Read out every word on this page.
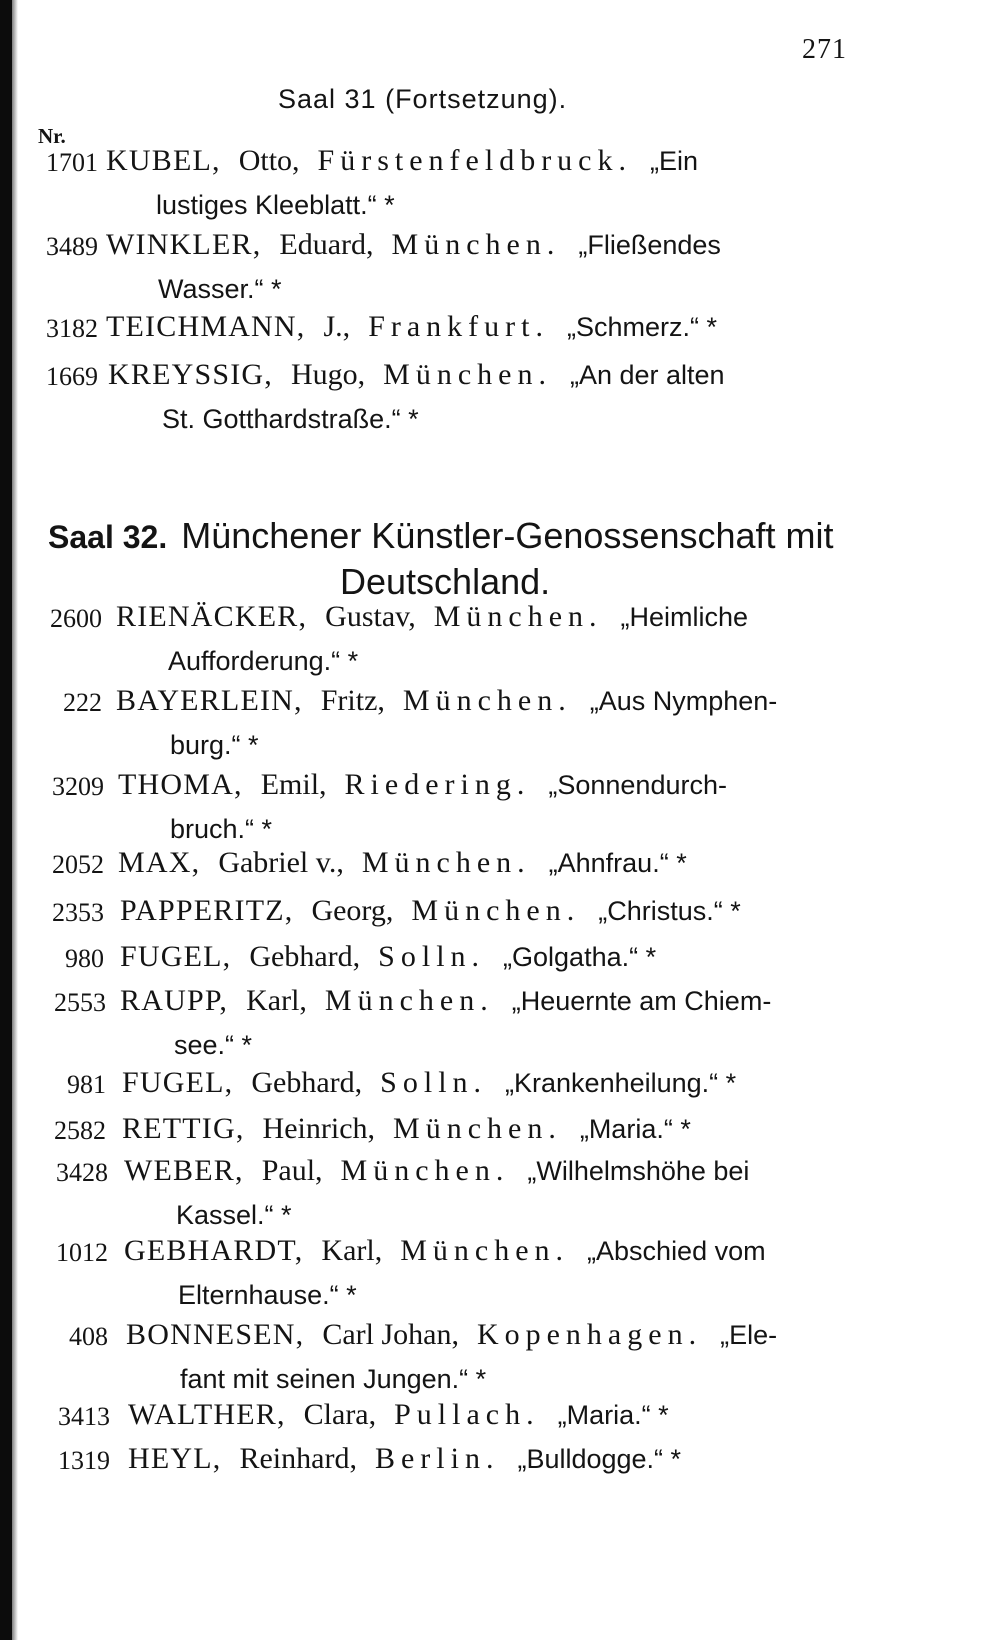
271
Saal 31 (Fortsetzung).
Nr.
1701 KUBEL, Otto, Fürstenfeldbruck. „Ein
lustiges Kleeblatt.“ *
3489 WINKLER, Eduard, München. „Fließendes
Wasser.“ *
3182 TEICHMANN, J., Frankfurt. „Schmerz.“ *
1669 KREYSSIG, Hugo, München. „An der alten
St. Gotthardstraße.“ *
Saal 32. Münchener Künstler-Genossenschaft mit
Deutschland.
2600 RIENÄCKER, Gustav, München. „Heimliche
Aufforderung.“ *
222 BAYERLEIN, Fritz, München. „Aus Nymphen-
burg.“ *
3209 THOMA, Emil, Riedering. „Sonnendurch-
bruch.“ *
2052 MAX, Gabriel v., München. „Ahnfrau.“ *
2353 PAPPERITZ, Georg, München. „Christus.“ *
980 FUGEL, Gebhard, Solln. „Golgatha.“ *
2553 RAUPP, Karl, München. „Heuernte am Chiem-
see.“ *
981 FUGEL, Gebhard, Solln. „Krankenheilung.“ *
2582 RETTIG, Heinrich, München. „Maria.“ *
3428 WEBER, Paul, München. „Wilhelmshöhe bei
Kassel.“ *
1012 GEBHARDT, Karl, München. „Abschied vom
Elternhause.“ *
408 BONNESEN, Carl Johan, Kopenhagen. „Ele-
fant mit seinen Jungen.“ *
3413 WALTHER, Clara, Pullach. „Maria.“ *
1319 HEYL, Reinhard, Berlin. „Bulldogge.“ *
